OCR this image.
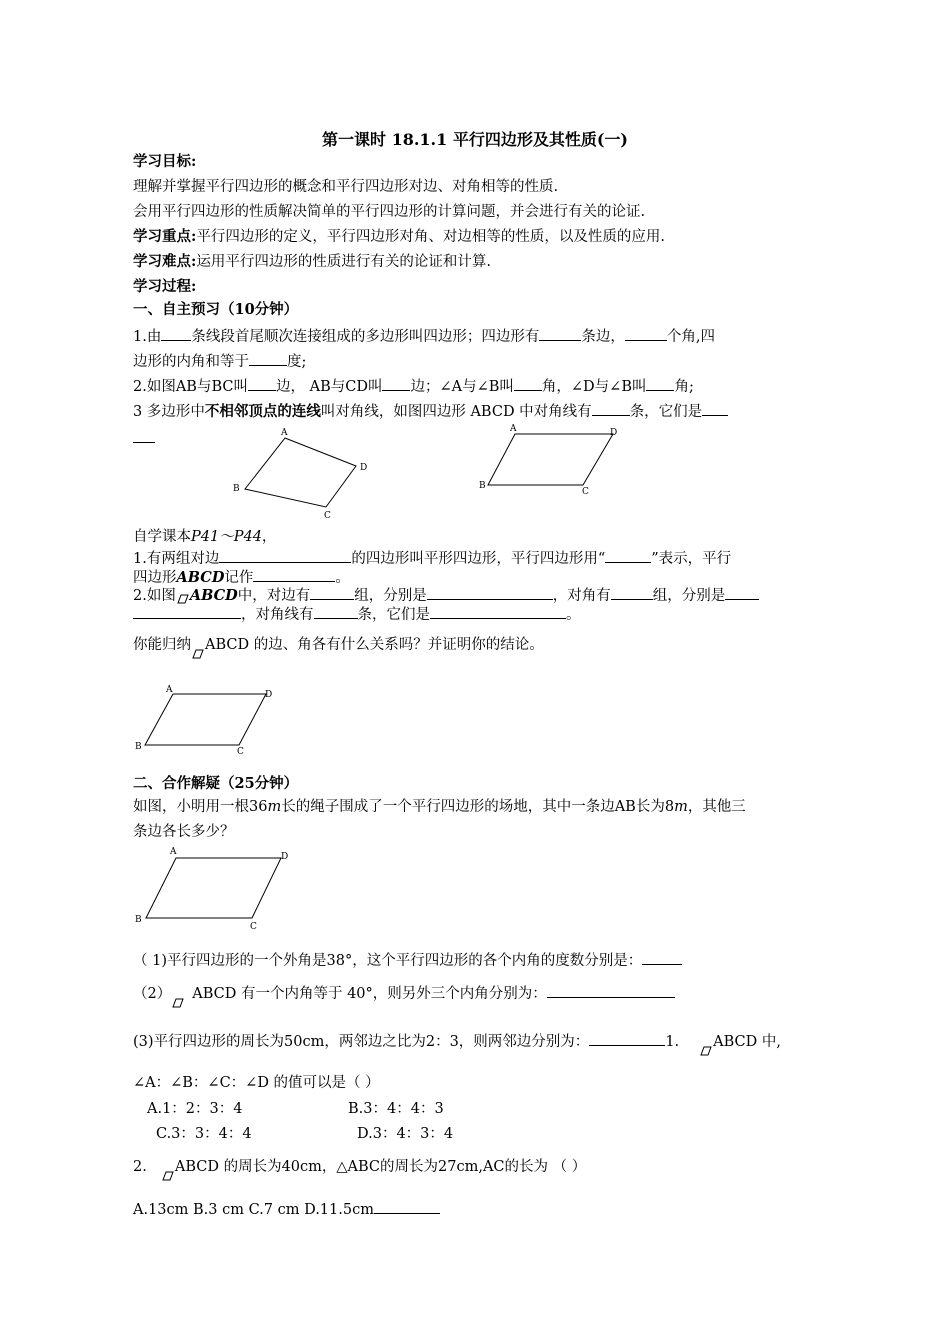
第一课时 18.1.1 平行四边形及其性质(一)
学习目标:
理解并掌握平行四边形的概念和平行四边形对边、对角相等的性质.
会用平行四边形的性质解决简单的平行四边形的计算问题，并会进行有关的论证.
学习重点:平行四边形的定义，平行四边形对角、对边相等的性质，以及性质的应用.
学习难点:运用平行四边形的性质进行有关的论证和计算.
学习过程:
一、自主预习（10分钟）
1.由 条线段首尾顺次连接组成的多边形叫四边形；四边形有	条边，	个角,四
边形的内角和等于	度;
2.如图AB与BC叫 边， AB与CD叫 边；∠A与∠B叫 角，∠D与∠B叫 角;
3 多边形中不相邻顶点的连线叫对角线，如图四边形 ABCD 中对角线有	条，它们是
A
B
C
D
A
B
C
D
自学课本P41～P44，
1.有两组对边	的四边形叫平形四边形，平行四边形用“	”表示，平行
四边形ABCD记作	。
2.如图 ABCD中，对边有	组，分别是	，对角有	组，分别是
，对角线有	条，它们是	。
你能归纳 ABCD 的边、角各有什么关系吗？并证明你的结论。
A
B	C
D
二、合作解疑（25分钟）
如图，小明用一根36m长的绳子围成了一个平行四边形的场地，其中一条边AB长为8m，其他三
条边各长多少？
A
B
C
D
（ 1)平行四边形的一个外角是38°，这个平行四边形的各个内角的度数分别是：
（2） ABCD 有一个内角等于 40°，则另外三个内角分别为：
(3)平行四边形的周长为50cm，两邻边之比为2：3，则两邻边分别为：	1. ABCD 中,
∠A：∠B：∠C：∠D 的值可以是（ ）
A.1：2：3：4	B.3：4：4：3
C.3：3：4：4	D.3：4：3：4
2. ABCD 的周长为40cm，△ABC的周长为27cm,AC的长为 （ ）
A.13cm B.3 cm C.7 cm D.11.5cm
